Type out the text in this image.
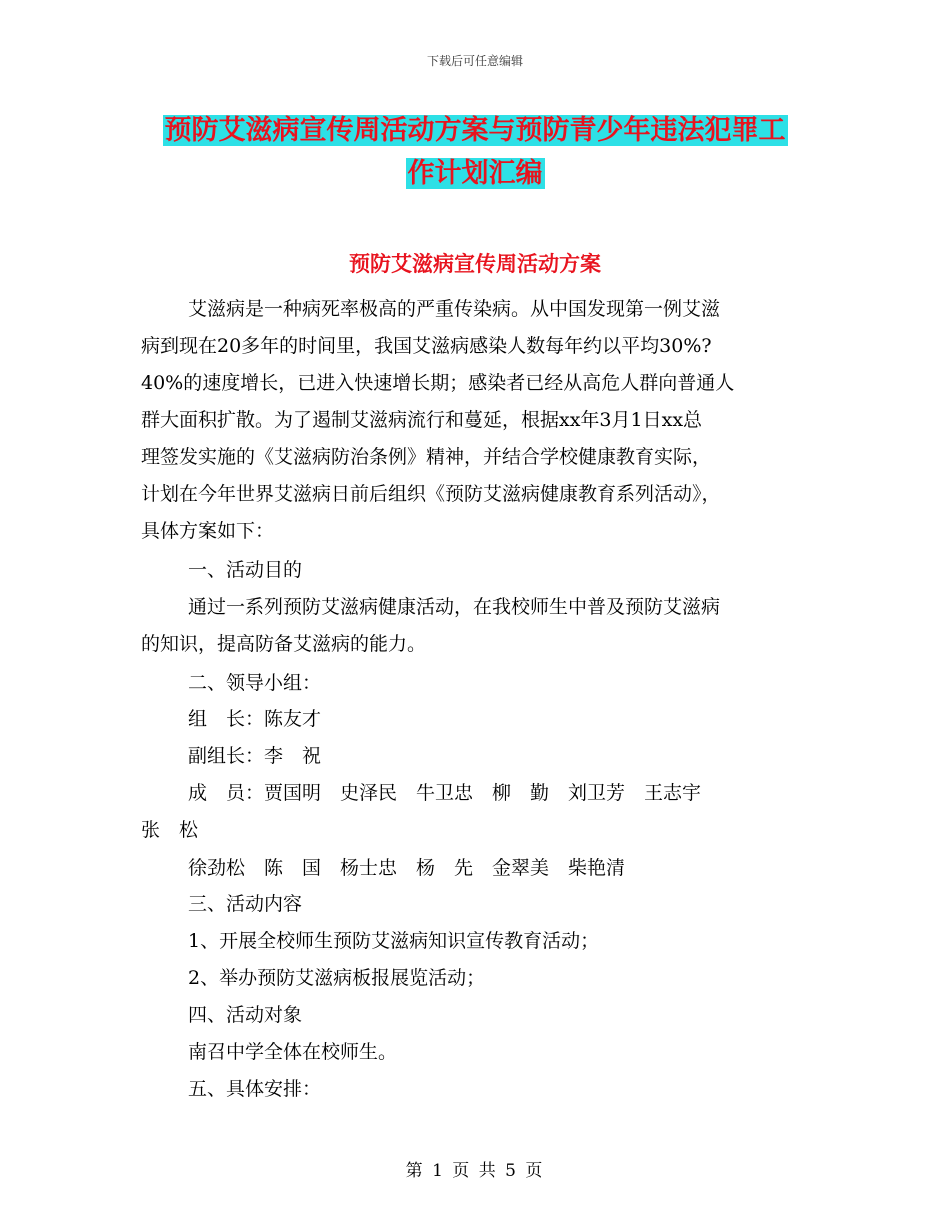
下载后可任意编辑
预防艾滋病宣传周活动方案与预防青少年违法犯罪工
作计划汇编
预防艾滋病宣传周活动方案
艾滋病是一种病死率极高的严重传染病。从中国发现第一例艾滋
病到现在20多年的时间里，我国艾滋病感染人数每年约以平均30%?
40%的速度增长，已进入快速增长期；感染者已经从高危人群向普通人
群大面积扩散。为了遏制艾滋病流行和蔓延，根据xx年3月1日xx总
理签发实施的《艾滋病防治条例》精神，并结合学校健康教育实际，
计划在今年世界艾滋病日前后组织《预防艾滋病健康教育系列活动》，
具体方案如下：
一、活动目的
通过一系列预防艾滋病健康活动，在我校师生中普及预防艾滋病
的知识，提高防备艾滋病的能力。
二、领导小组：
组　长：陈友才
副组长：李　祝
成　员：贾国明　史泽民　牛卫忠　柳　勤　刘卫芳　王志宇
张　松
徐劲松　陈　国　杨士忠　杨　先　金翠美　柴艳清
三、活动内容
1、开展全校师生预防艾滋病知识宣传教育活动；
2、举办预防艾滋病板报展览活动；
四、活动对象
南召中学全体在校师生。
五、具体安排：
第 1 页 共 5 页
